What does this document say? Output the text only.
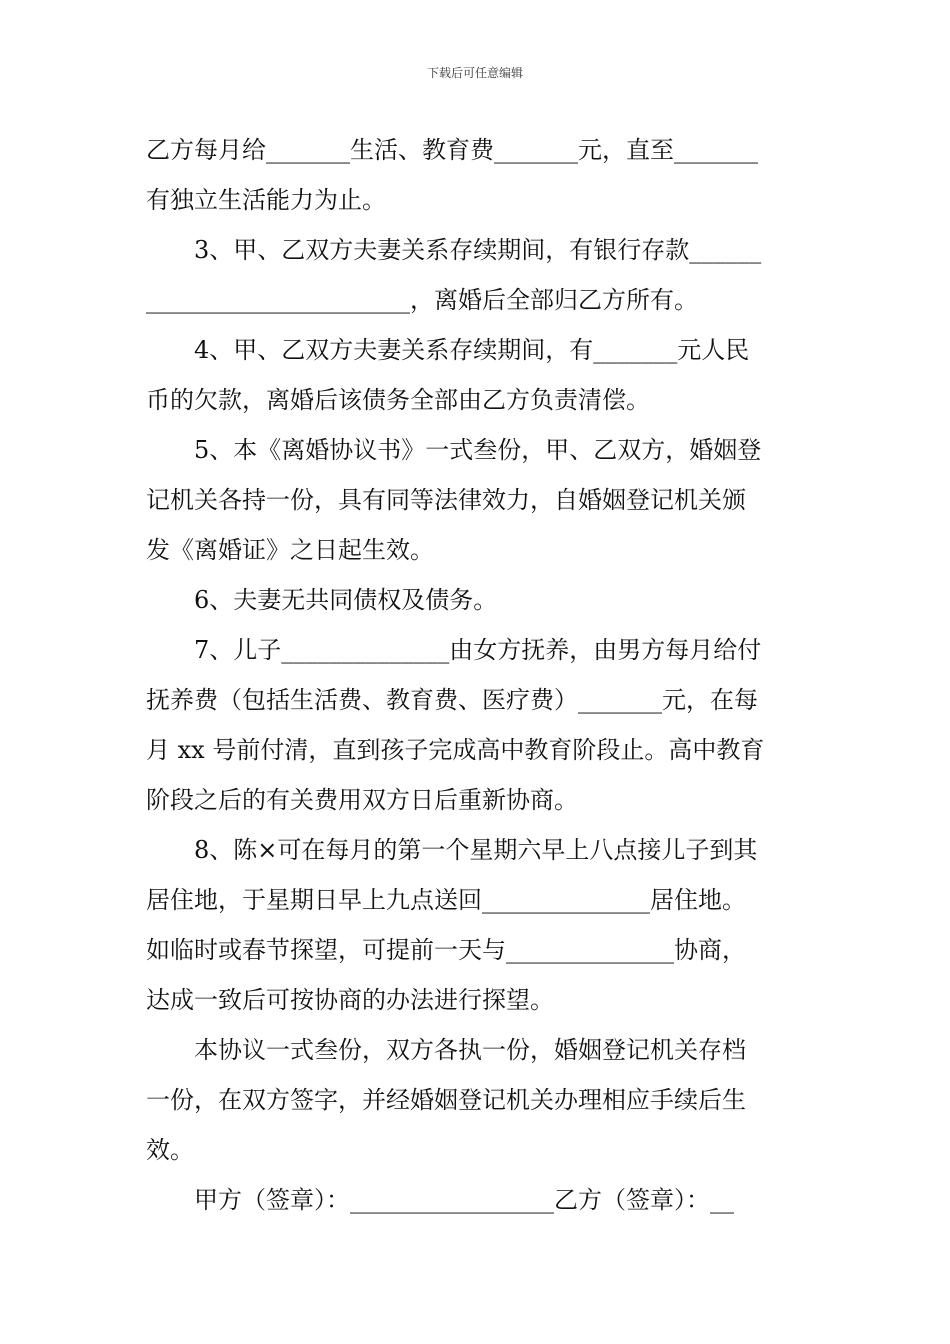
下载后可任意编辑
乙方每月给_______生活、教育费_______元，直至_______
有独立生活能力为止。
3、甲、乙双方夫妻关系存续期间，有银行存款______
______________________，离婚后全部归乙方所有。
4、甲、乙双方夫妻关系存续期间，有_______元人民
币的欠款，离婚后该债务全部由乙方负责清偿。
5、本《离婚协议书》一式叁份，甲、乙双方，婚姻登
记机关各持一份，具有同等法律效力，自婚姻登记机关颁
发《离婚证》之日起生效。
6、夫妻无共同债权及债务。
7、儿子______________由女方抚养，由男方每月给付
抚养费（包括生活费、教育费、医疗费）_______元，在每
月 xx 号前付清，直到孩子完成高中教育阶段止。高中教育
阶段之后的有关费用双方日后重新协商。
8、陈×可在每月的第一个星期六早上八点接儿子到其
居住地，于星期日早上九点送回______________居住地。
如临时或春节探望，可提前一天与______________协商，
达成一致后可按协商的办法进行探望。
本协议一式叁份，双方各执一份，婚姻登记机关存档
一份，在双方签字，并经婚姻登记机关办理相应手续后生
效。
甲方（签章）：_________________乙方（签章）：__
